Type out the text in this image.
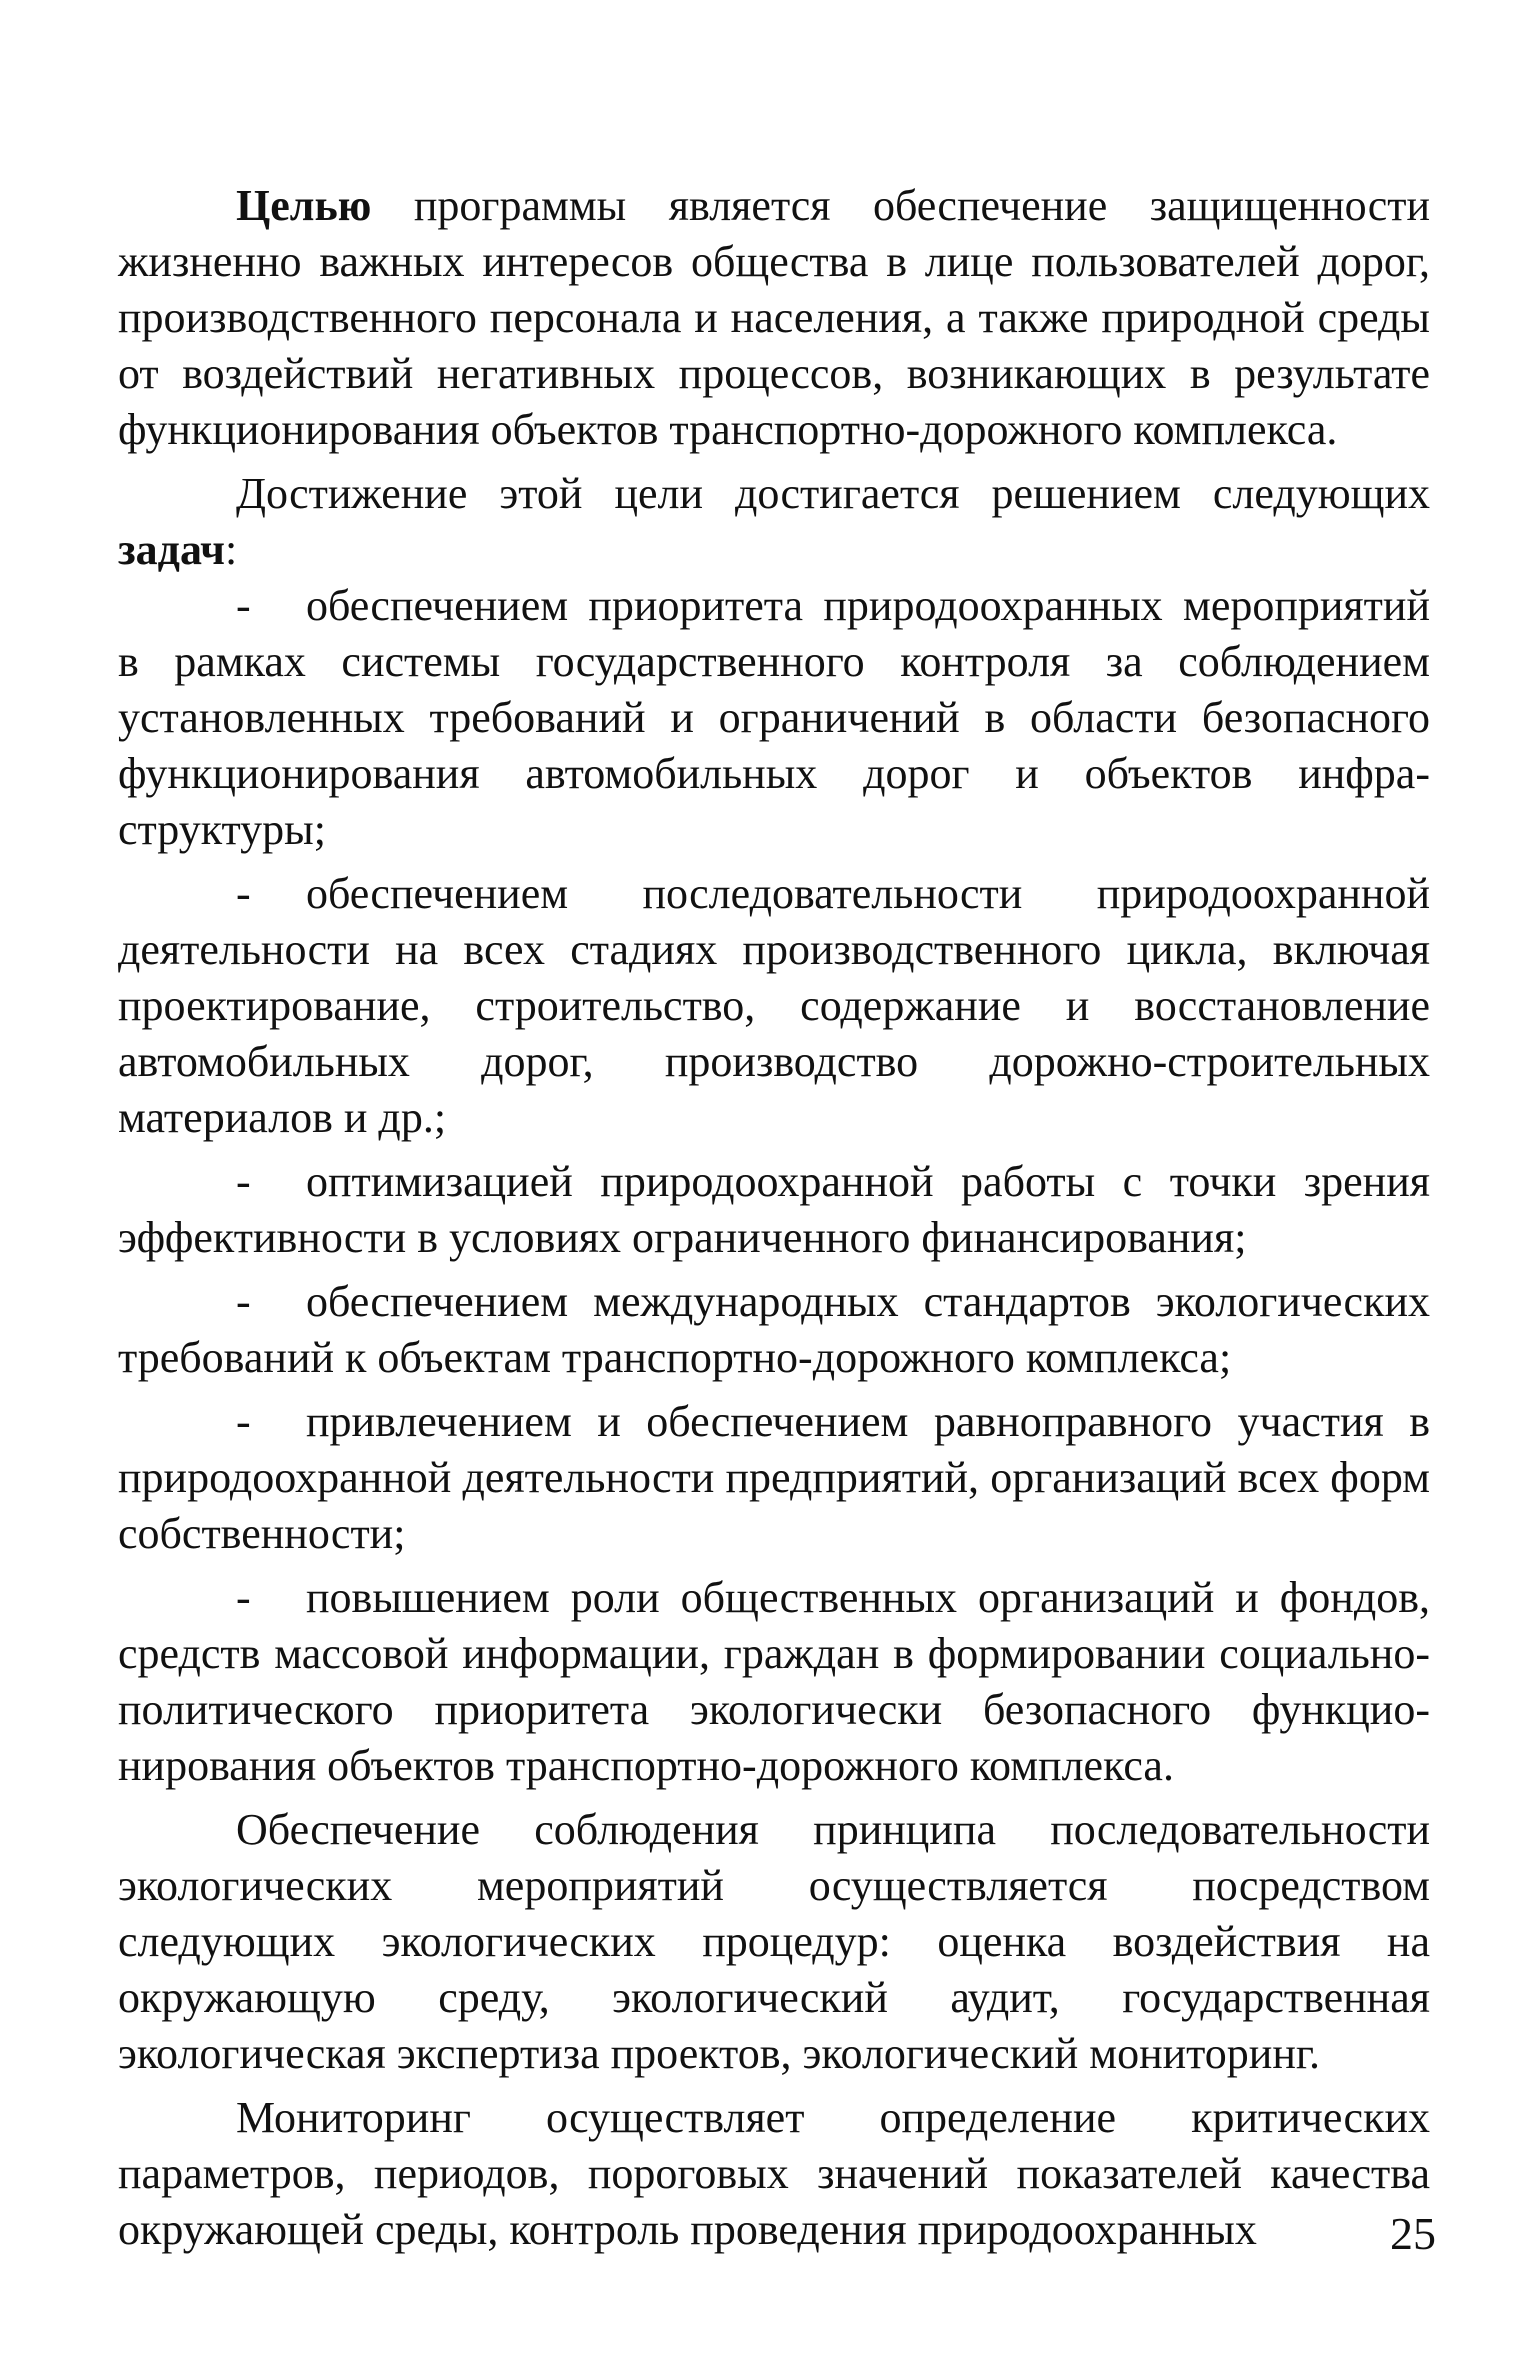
Целью программы является обеспечение защищенности жизненно важных интересов общества в лице пользователей дорог, производственного персонала и населения, а также природной среды от воздействий негативных процессов, возникающих в результате функционирования объектов транспортно-дорожного комплекса.

Достижение этой цели достигается решением следующих задач:

- обеспечением приоритета природоохранных мероприятий в рамках системы государственного контроля за соблюдением установленных требований и ограничений в области безопасного функционирования автомобильных дорог и объектов инфраструктуры;

- обеспечением последовательности природоохранной деятельности на всех стадиях производственного цикла, включая проектирование, строительство, содержание и восстановление автомобильных дорог, производство дорожно-строительных материалов и др.;

- оптимизацией природоохранной работы с точки зрения эффективности в условиях ограниченного финансирования;

- обеспечением международных стандартов экологических требований к объектам транспортно-дорожного комплекса;

- привлечением и обеспечением равноправного участия в природоохранной деятельности предприятий, организаций всех форм собственности;

- повышением роли общественных организаций и фондов, средств массовой информации, граждан в формировании социальнополитического приоритета экологически безопасного функционирования объектов транспортно-дорожного комплекса.

Обеспечение соблюдения принципа последовательности экологических мероприятий осуществляется посредством следующих экологических процедур: оценка воздействия на окружающую среду, экологический аудит, государственная экологическая экспертиза проектов, экологический мониторинг.

Мониторинг осуществляет определение критических параметров, периодов, пороговых значений показателей качества окружающей среды, контроль проведения природоохранных	25
